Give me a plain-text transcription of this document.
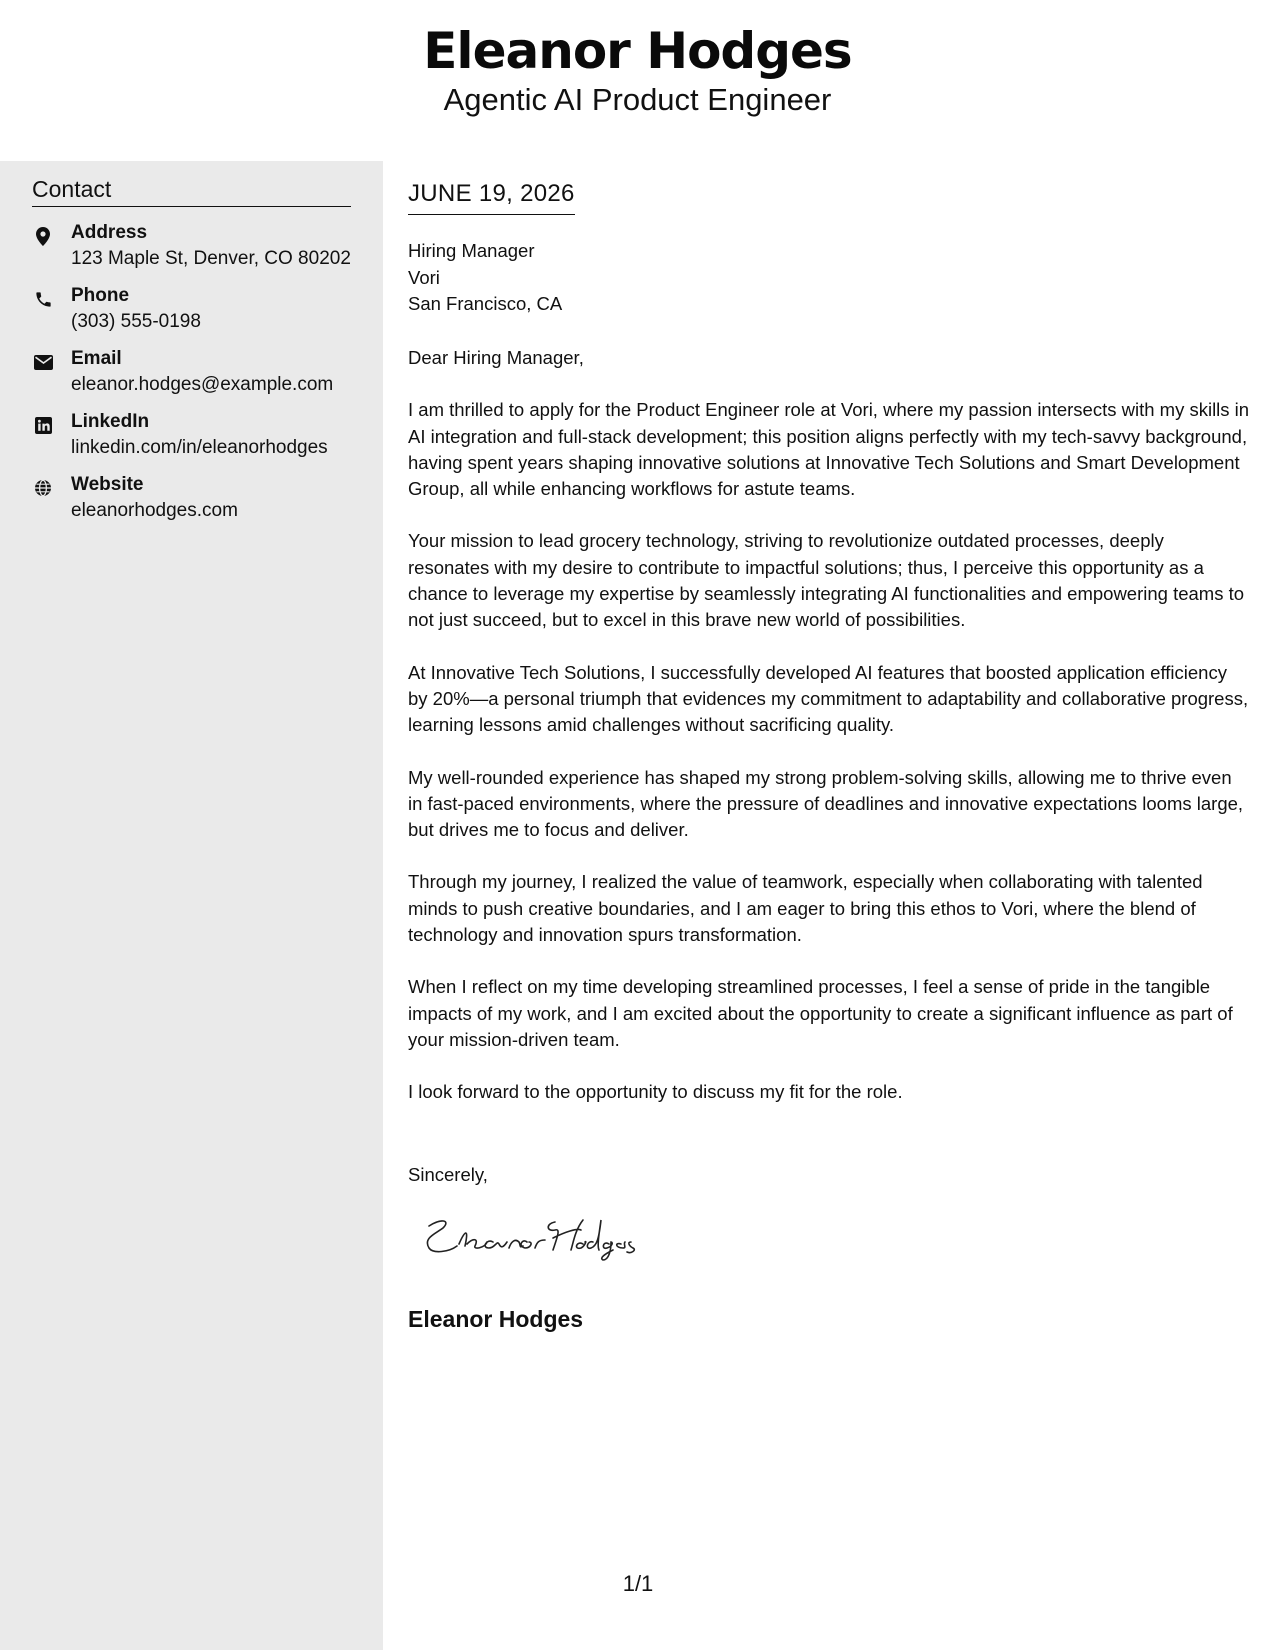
Eleanor Hodges
Agentic AI Product Engineer
Contact
Address
123 Maple St, Denver, CO 80202
Phone
(303) 555-0198
Email
eleanor.hodges@example.com
LinkedIn
linkedin.com/in/eleanorhodges
Website
eleanorhodges.com
JUNE 19, 2026
Hiring Manager
Vori
San Francisco, CA

Dear Hiring Manager,

I am thrilled to apply for the Product Engineer role at Vori, where my passion intersects with my skills in AI integration and full-stack development; this position aligns perfectly with my tech-savvy background, having spent years shaping innovative solutions at Innovative Tech Solutions and Smart Development Group, all while enhancing workflows for astute teams.

Your mission to lead grocery technology, striving to revolutionize outdated processes, deeply resonates with my desire to contribute to impactful solutions; thus, I perceive this opportunity as a chance to leverage my expertise by seamlessly integrating AI functionalities and empowering teams to not just succeed, but to excel in this brave new world of possibilities.

At Innovative Tech Solutions, I successfully developed AI features that boosted application efficiency by 20%—a personal triumph that evidences my commitment to adaptability and collaborative progress, learning lessons amid challenges without sacrificing quality.

My well-rounded experience has shaped my strong problem-solving skills, allowing me to thrive even in fast-paced environments, where the pressure of deadlines and innovative expectations looms large, but drives me to focus and deliver.

Through my journey, I realized the value of teamwork, especially when collaborating with talented minds to push creative boundaries, and I am eager to bring this ethos to Vori, where the blend of technology and innovation spurs transformation.

When I reflect on my time developing streamlined processes, I feel a sense of pride in the tangible impacts of my work, and I am excited about the opportunity to create a significant influence as part of your mission-driven team.

I look forward to the opportunity to discuss my fit for the role.

Sincerely,
Eleanor Hodges
1/1
